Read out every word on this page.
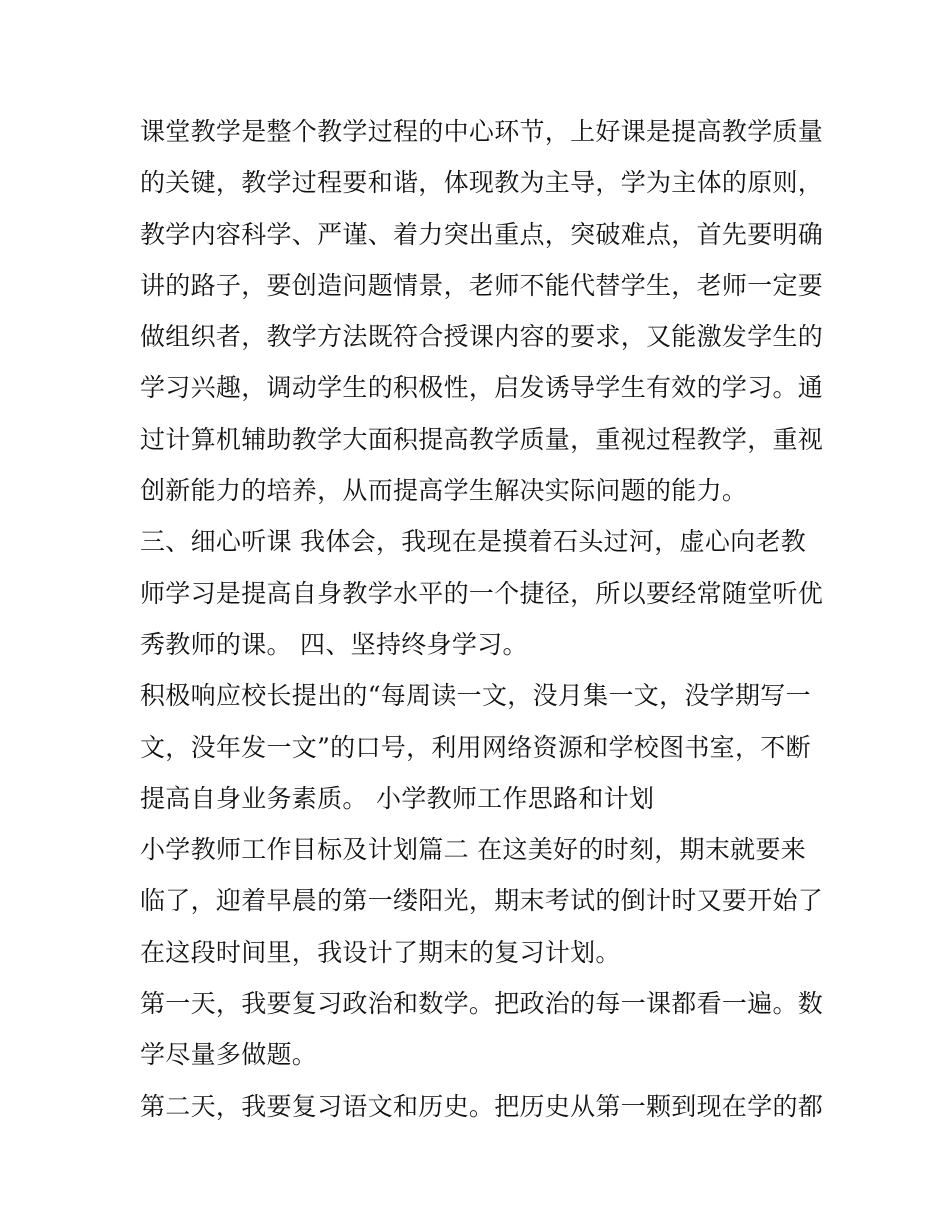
课堂教学是整个教学过程的中心环节，上好课是提高教学质量
的关键，教学过程要和谐，体现教为主导，学为主体的原则，
教学内容科学、严谨、着力突出重点，突破难点，首先要明确
讲的路子，要创造问题情景，老师不能代替学生，老师一定要
做组织者，教学方法既符合授课内容的要求，又能激发学生的
学习兴趣，调动学生的积极性，启发诱导学生有效的学习。通
过计算机辅助教学大面积提高教学质量，重视过程教学，重视
创新能力的培养，从而提高学生解决实际问题的能力。
三、细心听课 我体会，我现在是摸着石头过河，虚心向老教
师学习是提高自身教学水平的一个捷径，所以要经常随堂听优
秀教师的课。 四、坚持终身学习。
积极响应校长提出的“每周读一文，没月集一文，没学期写一
文，没年发一文”的口号，利用网络资源和学校图书室，不断
提高自身业务素质。 小学教师工作思路和计划
小学教师工作目标及计划篇二 在这美好的时刻，期末就要来
临了，迎着早晨的第一缕阳光，期末考试的倒计时又要开始了
在这段时间里，我设计了期末的复习计划。
第一天，我要复习政治和数学。把政治的每一课都看一遍。数
学尽量多做题。
第二天，我要复习语文和历史。把历史从第一颗到现在学的都
